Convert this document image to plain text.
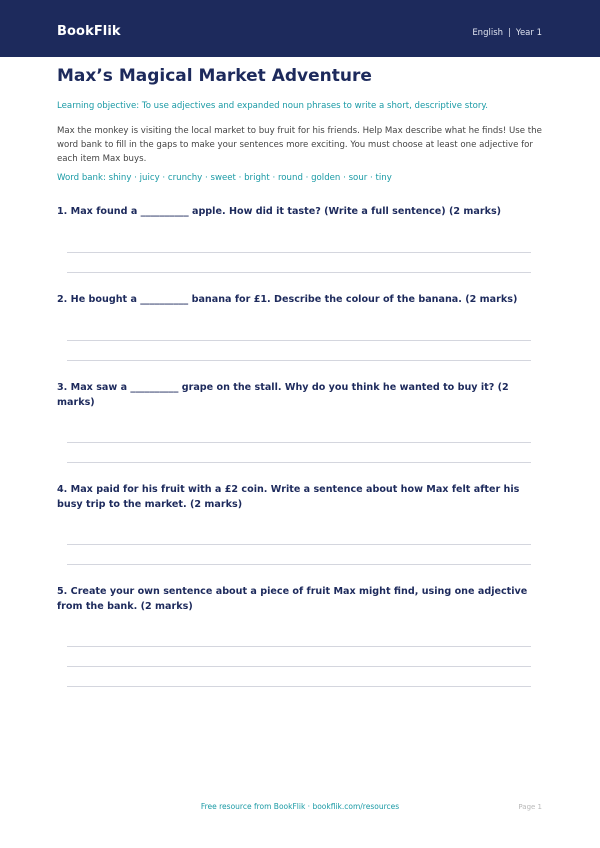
BookFlik	English | Year 1
Max’s Magical Market Adventure
Learning objective: To use adjectives and expanded noun phrases to write a short, descriptive story.
Max the monkey is visiting the local market to buy fruit for his friends. Help Max describe what he finds! Use the word bank to fill in the gaps to make your sentences more exciting. You must choose at least one adjective for each item Max buys.
Word bank: shiny · juicy · crunchy · sweet · bright · round · golden · sour · tiny
1. Max found a __________ apple. How did it taste? (Write a full sentence) (2 marks)
2. He bought a __________ banana for £1. Describe the colour of the banana. (2 marks)
3. Max saw a __________ grape on the stall. Why do you think he wanted to buy it? (2 marks)
4. Max paid for his fruit with a £2 coin. Write a sentence about how Max felt after his busy trip to the market. (2 marks)
5. Create your own sentence about a piece of fruit Max might find, using one adjective from the bank. (2 marks)
Free resource from BookFlik · bookflik.com/resources	Page 1
